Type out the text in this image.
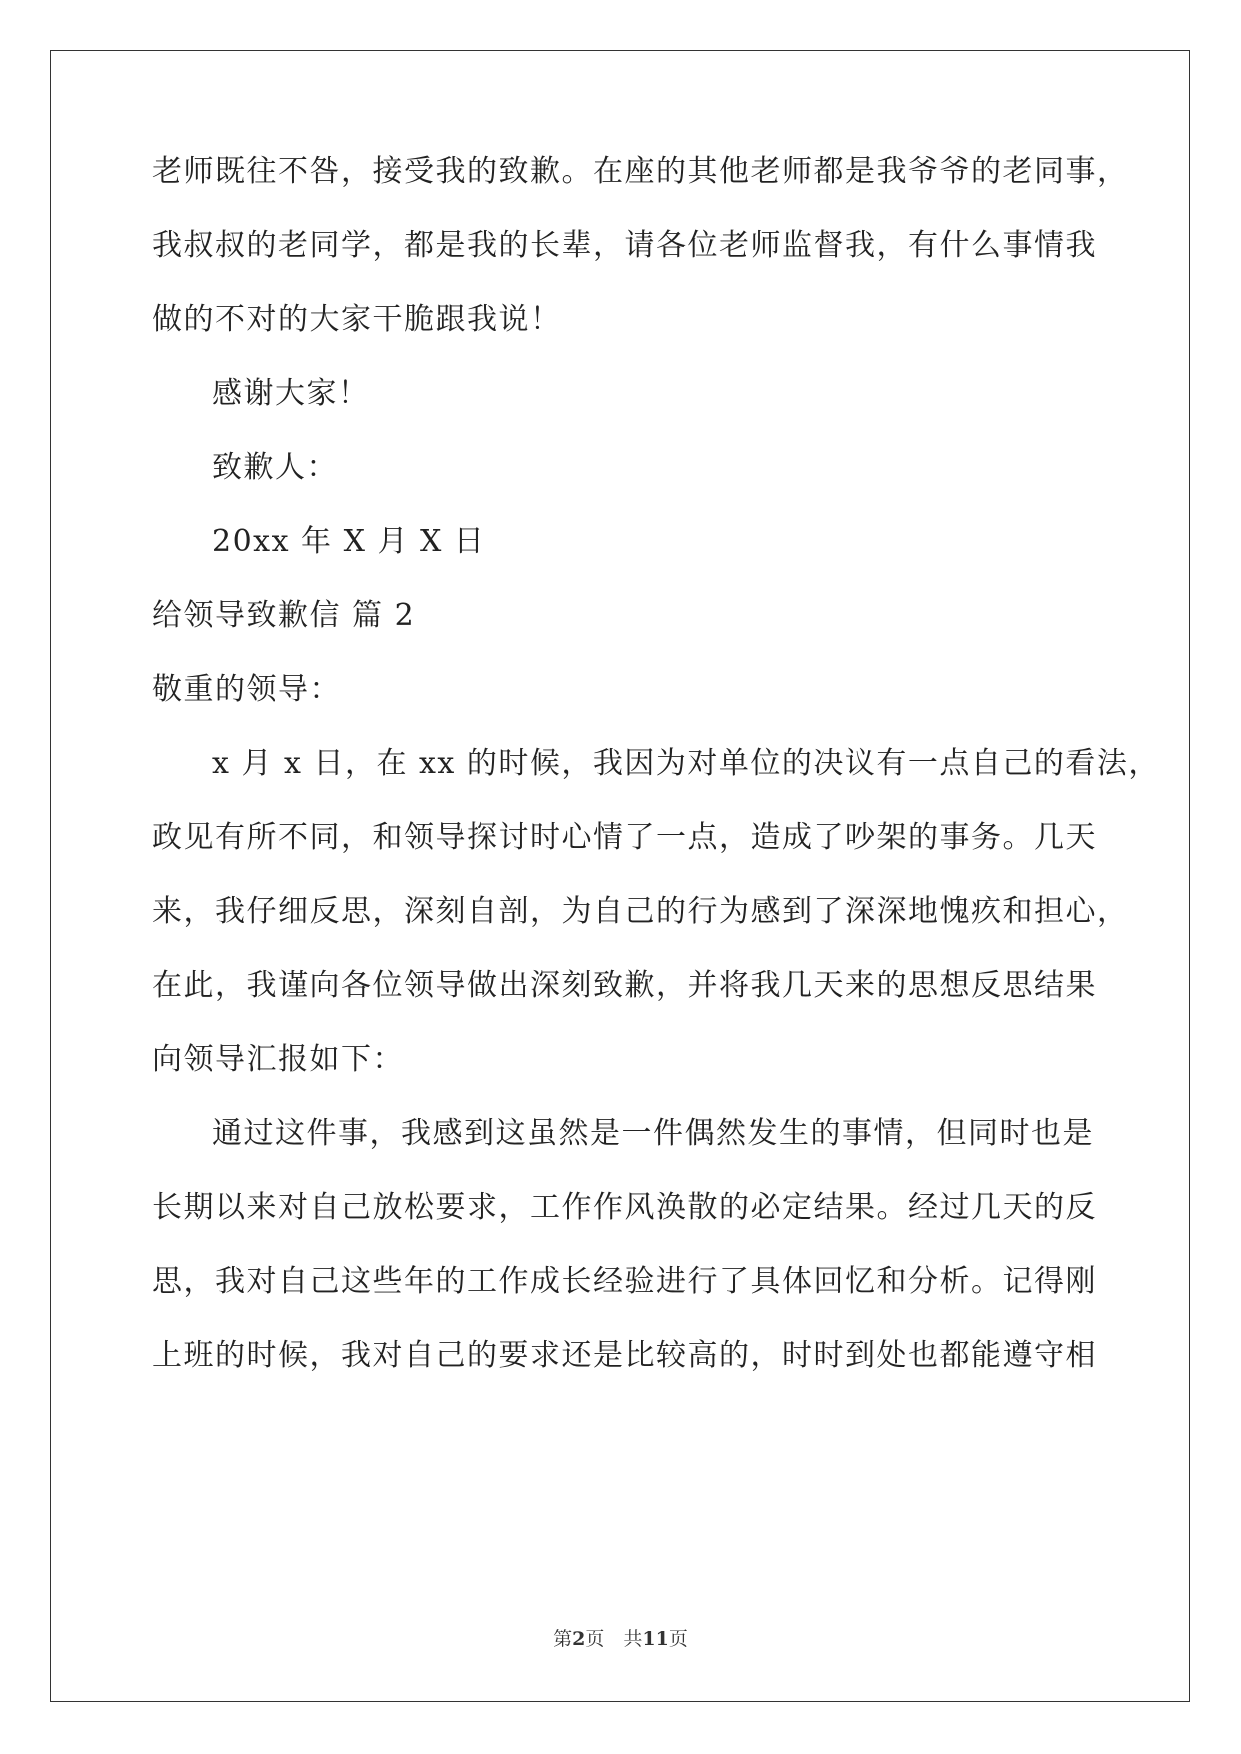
老师既往不咎，接受我的致歉。在座的其他老师都是我爷爷的老同事，
我叔叔的老同学，都是我的长辈，请各位老师监督我，有什么事情我
做的不对的大家干脆跟我说！
感谢大家！
致歉人：
20xx 年 X 月 X 日
给领导致歉信 篇 2
敬重的领导：
x 月 x 日，在 xx 的时候，我因为对单位的决议有一点自己的看法，
政见有所不同，和领导探讨时心情了一点，造成了吵架的事务。几天
来，我仔细反思，深刻自剖，为自己的行为感到了深深地愧疚和担心，
在此，我谨向各位领导做出深刻致歉，并将我几天来的思想反思结果
向领导汇报如下：
通过这件事，我感到这虽然是一件偶然发生的事情，但同时也是
长期以来对自己放松要求，工作作风涣散的必定结果。经过几天的反
思，我对自己这些年的工作成长经验进行了具体回忆和分析。记得刚
上班的时候，我对自己的要求还是比较高的，时时到处也都能遵守相
第2页　共11页
